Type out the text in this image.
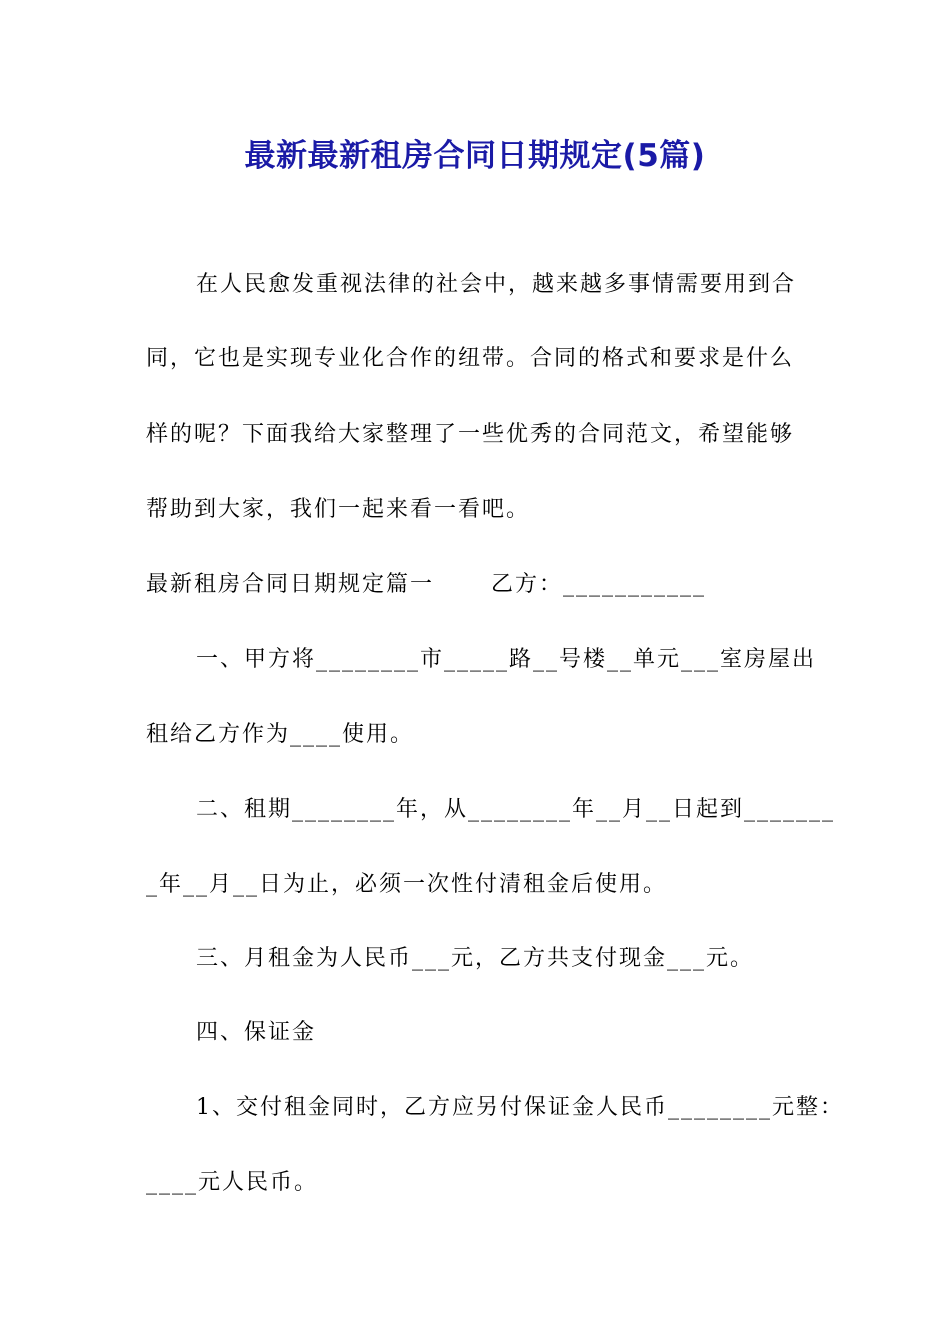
最新最新租房合同日期规定(5篇)
在人民愈发重视法律的社会中，越来越多事情需要用到合
同，它也是实现专业化合作的纽带。合同的格式和要求是什么
样的呢？下面我给大家整理了一些优秀的合同范文，希望能够
帮助到大家，我们一起来看一看吧。
最新租房合同日期规定篇一　　 乙方：___________
一、甲方将________市_____路__号楼__单元___室房屋出
租给乙方作为____使用。
二、租期________年，从________年__月__日起到_______
_年__月__日为止，必须一次性付清租金后使用。
三、月租金为人民币___元，乙方共支付现金___元。
四、保证金
1、交付租金同时，乙方应另付保证金人民币________元整：
____元人民币。
